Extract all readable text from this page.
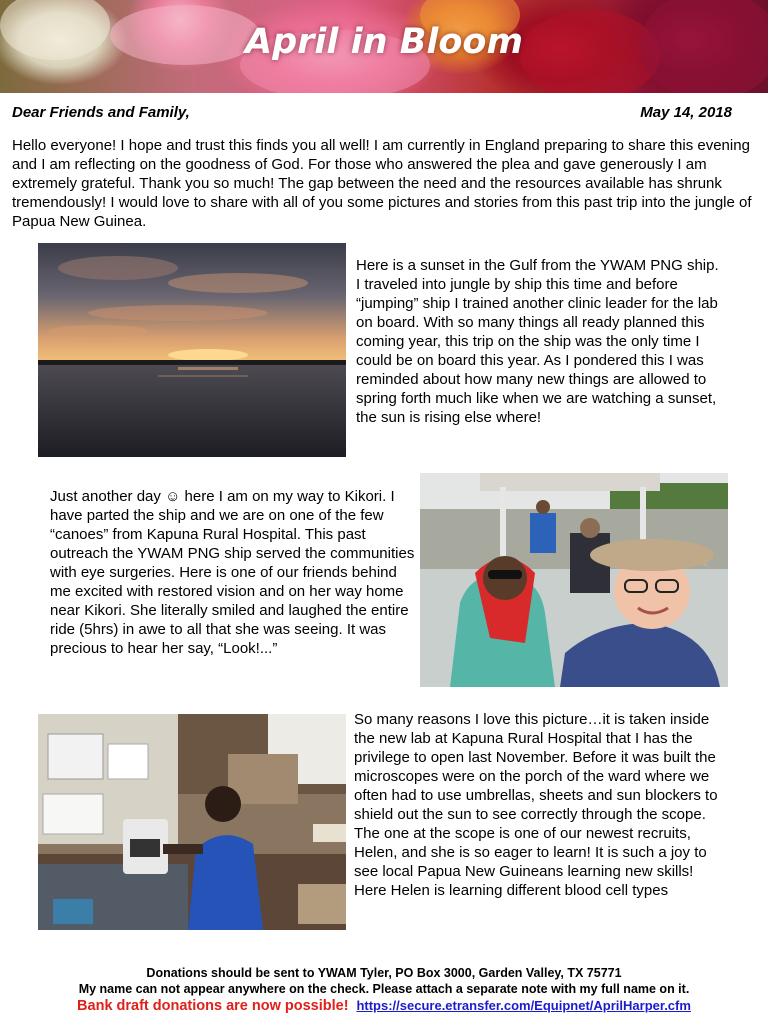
April in Bloom
Dear Friends and Family,	May 14, 2018
Hello everyone! I hope and trust this finds you all well! I am currently in England preparing to share this evening and I am reflecting on the goodness of God. For those who answered the plea and gave generously I am extremely grateful. Thank you so much! The gap between the need and the resources available has shrunk tremendously! I would love to share with all of you some pictures and stories from this past trip into the jungle of Papua New Guinea.
Here is a sunset in the Gulf from the YWAM PNG ship. I traveled into jungle by ship this time and before “jumping” ship I trained another clinic leader for the lab on board. With so many things all ready planned this coming year, this trip on the ship was the only time I could be on board this year. As I pondered this I was reminded about how many new things are allowed to spring forth much like when we are watching a sunset, the sun is rising else where!
Just another day ☺ here I am on my way to Kikori. I have parted the ship and we are on one of the few “canoes” from Kapuna Rural Hospital. This past outreach the YWAM PNG ship served the communities with eye surgeries. Here is one of our friends behind me excited with restored vision and on her way home near Kikori. She literally smiled and laughed the entire ride (5hrs) in awe to all that she was seeing. It was precious to hear her say, “Look!...”
So many reasons I love this picture…it is taken inside the new lab at Kapuna Rural Hospital that I has the privilege to open last November. Before it was built the microscopes were on the porch of the ward where we often had to use umbrellas, sheets and sun blockers to shield out the sun to see correctly through the scope. The one at the scope is one of our newest recruits, Helen, and she is so eager to learn! It is such a joy to see local Papua New Guineans learning new skills! Here Helen is learning different blood cell types
Donations should be sent to YWAM Tyler, PO Box 3000, Garden Valley, TX 75771
My name can not appear anywhere on the check. Please attach a separate note with my full name on it.
Bank draft donations are now possible! https://secure.etransfer.com/Equipnet/AprilHarper.cfm
